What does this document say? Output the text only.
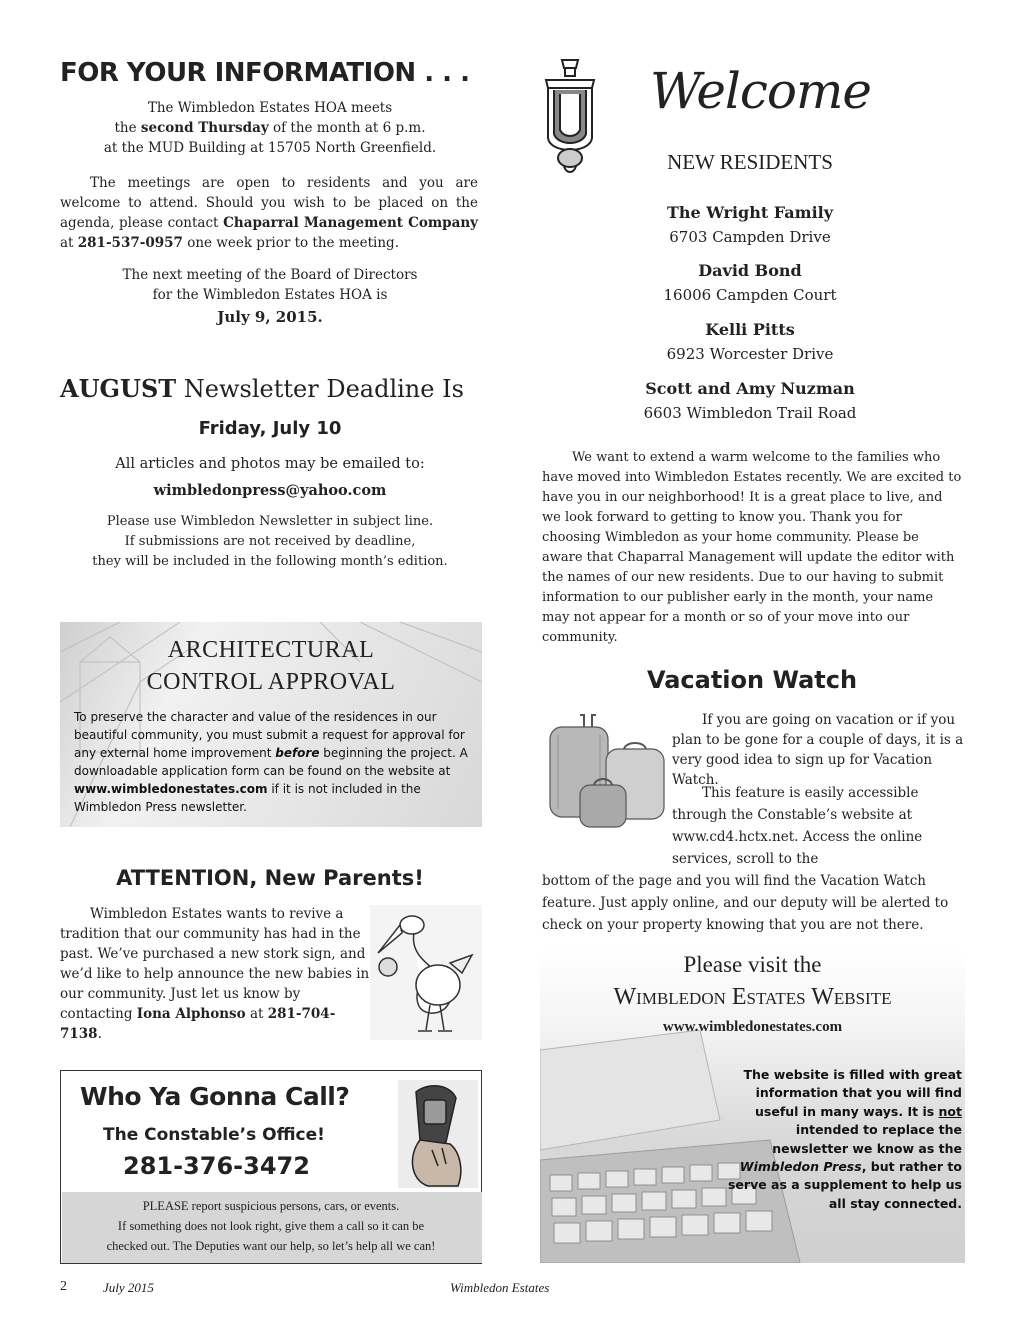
FOR YOUR INFORMATION . . .

The Wimbledon Estates HOA meets

the second Thursday of the month at 6 p.m.

at the MUD Building at 15705 North Greenfield.

The meetings are open to residents and you are welcome to attend. Should you wish to be placed on the agenda, please contact Chaparral Management Company at 281-537-0957 one week prior to the meeting.

The next meeting of the Board of Directors

for the Wimbledon Estates HOA is

July 9, 2015.

AUGUST Newsletter Deadline Is
Friday, July 10

All articles and photos may be emailed to:

wimbledonpress@yahoo.com

Please use Wimbledon Newsletter in subject line.

If submissions are not received by deadline,

they will be included in the following month’s edition.

ARCHITECTURAL

CONTROL APPROVAL

To preserve the character and value of the residences in our beautiful community, you must submit a request for approval for any external home improvement before beginning the project. A downloadable application form can be found on the website at www.wimbledonestates.com if it is not included in the Wimbledon Press newsletter.
ATTENTION, New Parents!
Wimbledon Estates wants to revive a tradition that our community has had in the past. We’ve purchased a new stork sign, and we’d like to help announce the new babies in our community. Just let us know by contacting Iona Alphonso at 281-704-7138.
Who Ya Gonna Call?
The Constable’s Office!
281-376-3472

PLEASE report suspicious persons, cars, or events.

If something does not look right, give them a call so it can be

checked out. The Deputies want our help, so let’s help all we can!

Welcome
NEW RESIDENTS

The Wright Family

6703 Campden Drive

David Bond

16006 Campden Court

Kelli Pitts

6923 Worcester Drive

Scott and Amy Nuzman

6603 Wimbledon Trail Road

We want to extend a warm welcome to the families who have moved into Wimbledon Estates recently. We are excited to have you in our neighborhood! It is a great place to live, and we look forward to getting to know you. Thank you for choosing Wimbledon as your home community. Please be aware that Chaparral Management will update the editor with the names of our new residents. Due to our having to submit information to our publisher early in the month, your name may not appear for a month or so of your move into our community.
Vacation Watch
If you are going on vacation or if you plan to be gone for a couple of days, it is a very good idea to sign up for Vacation Watch.
This feature is easily accessible through the Constable’s website at www.cd4.hctx.net. Access the online services, scroll to the
bottom of the page and you will find the Vacation Watch feature. Just apply online, and our deputy will be alerted to check on your property knowing that you are not there.
Please visit the
Wimbledon Estates Website
www.wimbledonestates.com
The website is filled with great information that you will find useful in many ways. It is not intended to replace the newsletter we know as the Wimbledon Press, but rather to serve as a supplement to help us all stay connected.
2	July 2015	Wimbledon Estates
